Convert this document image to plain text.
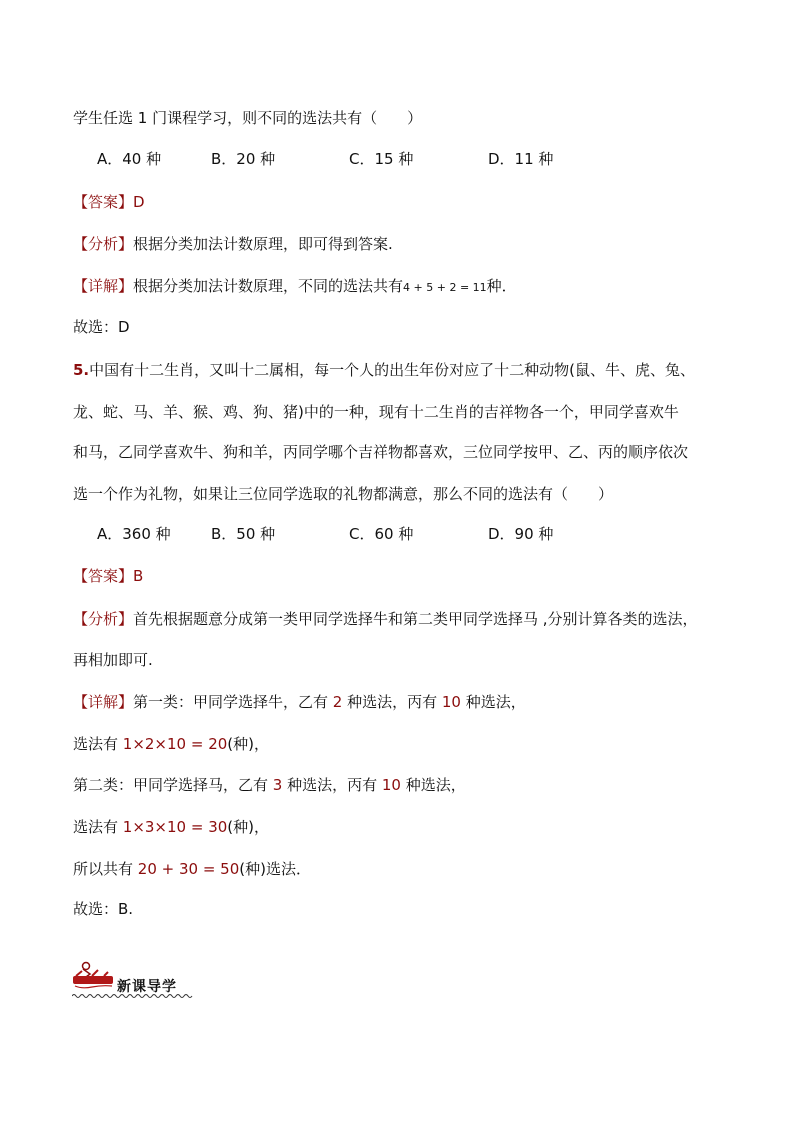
学生任选 1 门课程学习，则不同的选法共有（　　）
A．40 种	B．20 种	C．15 种	D．11 种
【答案】D
【分析】根据分类加法计数原理，即可得到答案.
【详解】根据分类加法计数原理，不同的选法共有4 + 5 + 2 = 11种．
故选：D
5.中国有十二生肖，又叫十二属相，每一个人的出生年份对应了十二种动物(鼠、牛、虎、兔、
龙、蛇、马、羊、猴、鸡、狗、猪)中的一种，现有十二生肖的吉祥物各一个，甲同学喜欢牛
和马，乙同学喜欢牛、狗和羊，丙同学哪个吉祥物都喜欢，三位同学按甲、乙、丙的顺序依次
选一个作为礼物，如果让三位同学选取的礼物都满意，那么不同的选法有（　　）
A．360 种	B．50 种	C．60 种	D．90 种
【答案】B
【分析】首先根据题意分成第一类甲同学选择牛和第二类甲同学选择马 ,分别计算各类的选法，
再相加即可.
【详解】第一类：甲同学选择牛，乙有 2 种选法，丙有 10 种选法，
选法有 1×2×10 = 20(种)，
第二类：甲同学选择马，乙有 3 种选法，丙有 10 种选法，
选法有 1×3×10 = 30(种)，
所以共有 20 + 30 = 50(种)选法．
故选：B.
新课导学
